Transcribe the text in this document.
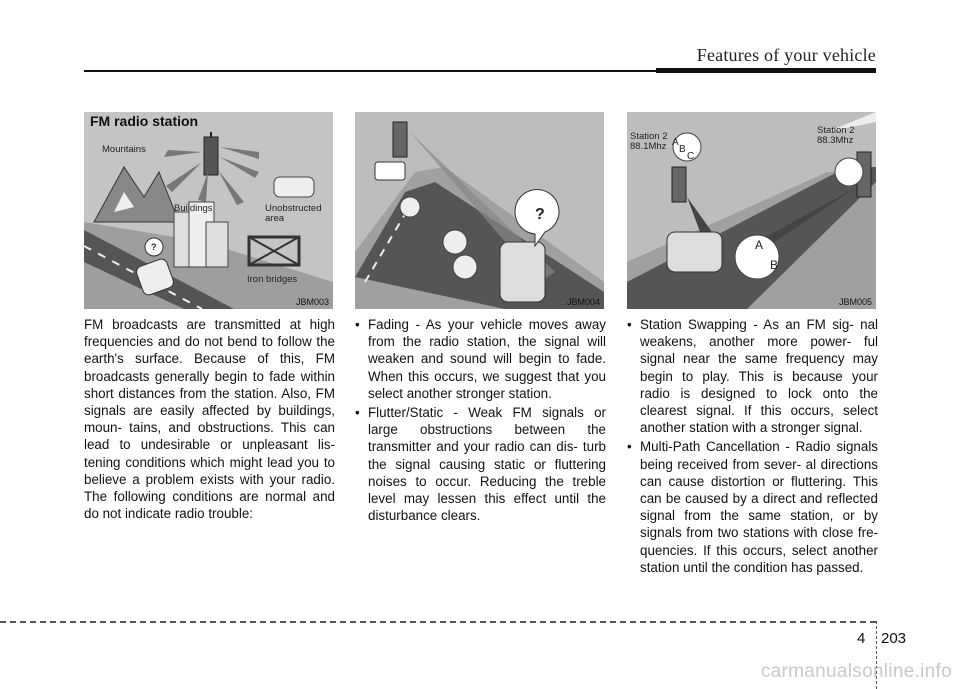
Features of your vehicle
FM radio station
Mountains
Buildings	Unobstructed
area
Iron bridges
?
JBM003
?
JBM004
Station 2
88.1Mhz
Station 2
88.3Mhz
A
B
C
A
B
JBM005

FM broadcasts are transmitted at high frequencies and do not bend to follow the earth's surface. Because of this, FM broadcasts generally begin to fade within short distances from the station. Also, FM signals are easily affected by buildings, moun- tains, and obstructions. This can lead to undesirable or unpleasant lis- tening conditions which might lead you to believe a problem exists with your radio. The following conditions are normal and do not indicate radio trouble:

• Fading - As your vehicle moves away from the radio station, the signal will weaken and sound will begin to fade. When this occurs, we suggest that you select another stronger station.
• Flutter/Static - Weak FM signals or large obstructions between the transmitter and your radio can dis- turb the signal causing static or fluttering noises to occur. Reducing the treble level may lessen this effect until the disturbance clears.
• Station Swapping - As an FM sig- nal weakens, another more power- ful signal near the same frequency may begin to play. This is because your radio is designed to lock onto the clearest signal. If this occurs, select another station with a stronger signal.
• Multi-Path Cancellation - Radio signals being received from sever- al directions can cause distortion or fluttering. This can be caused by a direct and reflected signal from the same station, or by signals from two stations with close fre- quencies. If this occurs, select another station until the condition has passed.
4 203
carmanualsonline.info
